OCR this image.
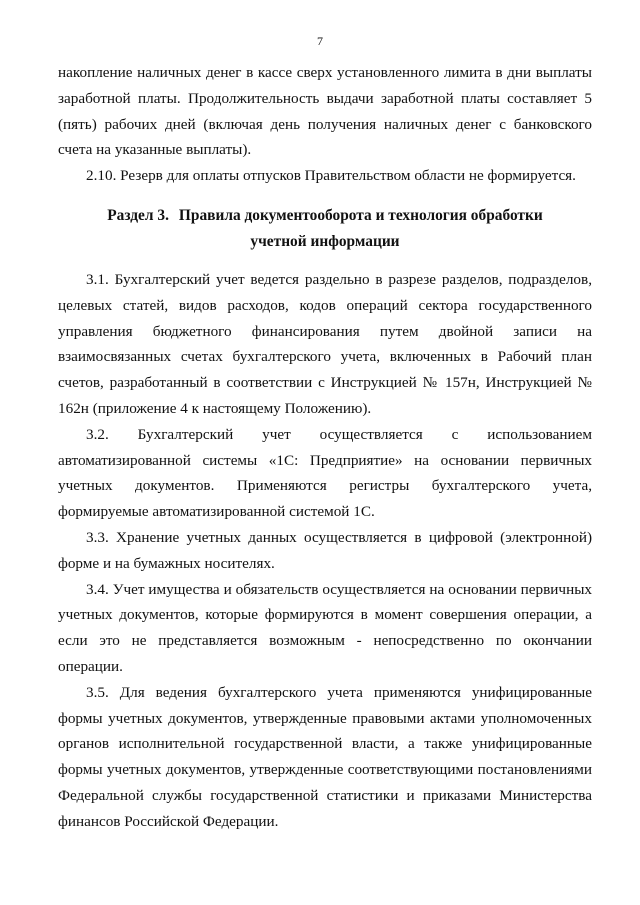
7

накопление наличных денег в кассе сверх установленного лимита в дни выплаты заработной платы. Продолжительность выдачи заработной платы составляет 5 (пять) рабочих дней (включая день получения наличных денег с банковского счета на указанные выплаты).

2.10. Резерв для оплаты отпусков Правительством области не формируется.

Раздел 3. Правила документооборота и технология обработки
учетной информации

3.1. Бухгалтерский учет ведется раздельно в разрезе разделов, подразделов, целевых статей, видов расходов, кодов операций сектора государственного управления бюджетного финансирования путем двойной записи на взаимосвязанных счетах бухгалтерского учета, включенных в Рабочий план счетов, разработанный в соответствии с Инструкцией № 157н, Инструкцией № 162н (приложение 4 к настоящему Положению).

3.2. Бухгалтерский учет осуществляется с использованием автоматизированной системы «1С: Предприятие» на основании первичных учетных документов. Применяются регистры бухгалтерского учета, формируемые автоматизированной системой 1С.

3.3. Хранение учетных данных осуществляется в цифровой (электронной) форме и на бумажных носителях.

3.4. Учет имущества и обязательств осуществляется на основании первичных учетных документов, которые формируются в момент совершения операции, а если это не представляется возможным - непосредственно по окончании операции.

3.5. Для ведения бухгалтерского учета применяются унифицированные формы учетных документов, утвержденные правовыми актами уполномоченных органов исполнительной государственной власти, а также унифицированные формы учетных документов, утвержденные соответствующими постановлениями Федеральной службы государственной статистики и приказами Министерства финансов Российской Федерации.
